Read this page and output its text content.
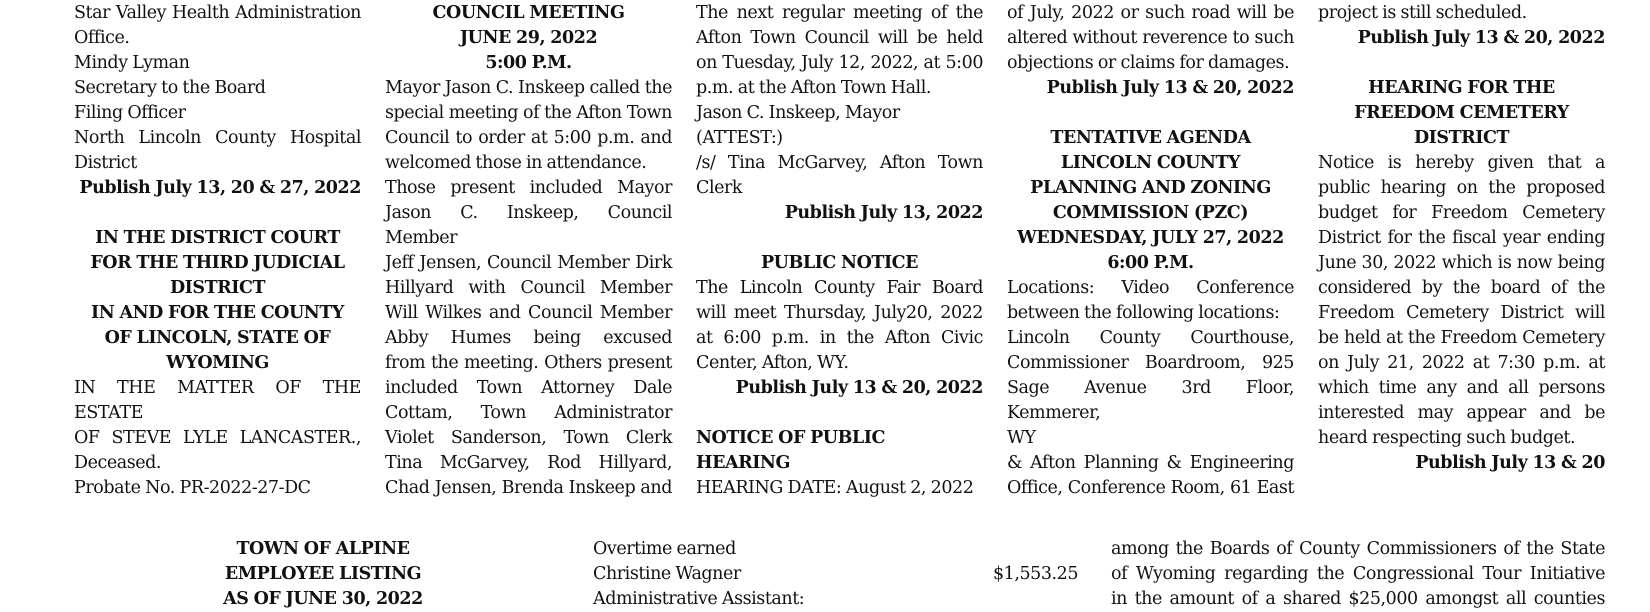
Star Valley Health Administration

Office.

Mindy Lyman

Secretary to the Board

Filing Officer

North Lincoln County Hospital

District

Publish July 13, 20 & 27, 2022

IN THE DISTRICT COURT

FOR THE THIRD JUDICIAL

DISTRICT

IN AND FOR THE COUNTY

OF LINCOLN, STATE OF

WYOMING

IN THE MATTER OF THE ESTATE

OF STEVE LYLE LANCASTER.,

Deceased.

Probate No. PR-2022-27-DC

COUNCIL MEETING

JUNE 29, 2022

5:00 P.M.

Mayor Jason C. Inskeep called the

special meeting of the Afton Town

Council to order at 5:00 p.m. and

welcomed those in attendance.

Those present included Mayor

Jason C. Inskeep, Council Member

Jeff Jensen, Council Member Dirk

Hillyard with Council Member

Will Wilkes and Council Member

Abby Humes being excused

from the meeting. Others present

included Town Attorney Dale

Cottam, Town Administrator

Violet Sanderson, Town Clerk

Tina McGarvey, Rod Hillyard,

Chad Jensen, Brenda Inskeep and

The next regular meeting of the

Afton Town Council will be held

on Tuesday, July 12, 2022, at 5:00

p.m. at the Afton Town Hall.

Jason C. Inskeep, Mayor

(ATTEST:)

/s/ Tina McGarvey, Afton Town

Clerk

Publish July 13, 2022

PUBLIC NOTICE

The Lincoln County Fair Board

will meet Thursday, July20, 2022

at 6:00 p.m. in the Afton Civic

Center, Afton, WY.

Publish July 13 & 20, 2022

NOTICE OF PUBLIC HEARING

HEARING DATE: August 2, 2022

of July, 2022 or such road will be

altered without reverence to such

objections or claims for damages.

Publish July 13 & 20, 2022

TENTATIVE AGENDA

LINCOLN COUNTY

PLANNING AND ZONING

COMMISSION (PZC)

WEDNESDAY, JULY 27, 2022

6:00 P.M.

Locations: Video Conference

between the following locations:

Lincoln County Courthouse,

Commissioner Boardroom, 925

Sage Avenue 3rd Floor, Kemmerer,

WY

& Afton Planning & Engineering

Office, Conference Room, 61 East

project is still scheduled.

Publish July 13 & 20, 2022

HEARING FOR THE

FREEDOM CEMETERY

DISTRICT

Notice is hereby given that a

public hearing on the proposed

budget for Freedom Cemetery

District for the fiscal year ending

June 30, 2022 which is now being

considered by the board of the

Freedom Cemetery District will

be held at the Freedom Cemetery

on July 21, 2022 at 7:30 p.m. at

which time any and all persons

interested may appear and be

heard respecting such budget.

Publish July 13 & 20

TOWN OF ALPINE

EMPLOYEE LISTING

AS OF JUNE 30, 2022

Overtime earned

Christine Wagner	$1,553.25

Administrative Assistant:

among the Boards of County Commissioners of the State

of Wyoming regarding the Congressional Tour Initiative

in the amount of a shared $25,000 amongst all counties
